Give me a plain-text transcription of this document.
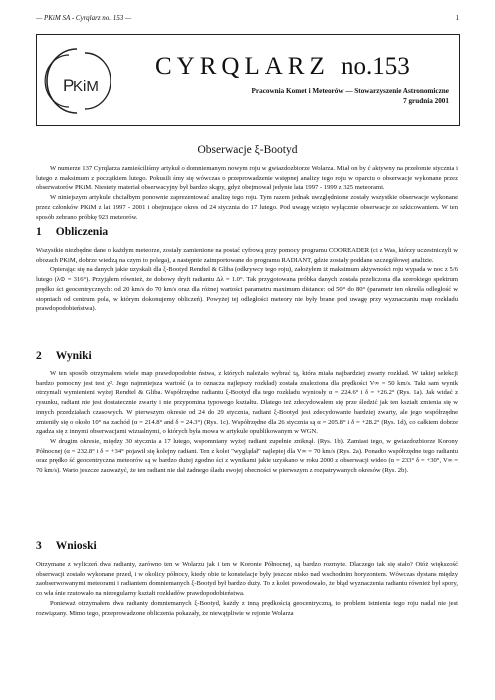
— PKiM SA - Cyrqlarz no. 153 —	1
P
KiM
CYRQLARZ no.153
Pracownia Komet i Meteorów — Stowarzyszenie Astronomiczne
7 grudnia 2001
Obserwacje ξ-Bootyd

W numerze 137 Cyrqlarza zamieściliśmy artykuł o domniemanym nowym roju w gwiazdozbiorze Wolarza. Miał on by ć aktywny na przełomie stycznia i lutego z maksimum z początkiem lutego. Pokusili śmy się wówczas o przeprowadzenie wstępnej analizy tego roju w oparciu o obserwacje wykonane przez obserwatorów PKiM. Niestety materiał obserwacyjny był bardzo skąpy, gdyż obejmował jedynie lata 1997 - 1999 z 325 meteorami.

W niniejszym artykule chciałbym ponownie zaprezentować analizę tego roju. Tym razem jednak uwzględnione zostały wszystkie obserwacje wykonane przez członków PKiM z lat 1997 - 2001 i obejmujące okres od 24 stycznia do 17 lutego. Pod uwagę wzięto wyłącznie obserwacje ze szkicowaniem. W ten sposób zebrano próbkę 923 meteorów.

1 Obliczenia

Wszystkie niezbędne dane o każdym meteorze, zostały zamienione na postać cyfrową przy pomocy programu COOREADER (ci z Was, którzy uczestniczyli w obozach PKiM, dobrze wiedzą na czym to polega), a następnie zaimportowane do programu RADIANT, gdzie zostały poddane szczegółowej analizie.

Opierając się na danych jakie uzyskali dla ξ-Bootyd Rendtel & Gliba (odkrywcy tego roju), założyłem iż maksimum aktywności roju wypada w noc z 5/6 lutego (λ⊙ = 316°). Przyjąłem również, że dobowy dryft radiantu Δλ = 1.0°. Tak przygotowana próbka danych została przeliczona dla szerokiego spektrum prędko ści geocentrycznych: od 20 km/s do 70 km/s oraz dla różnej wartości parametru maximum distance: od 50° do 80° (parametr ten określa odległość w stopniach od centrum pola, w którym dokonujemy obliczeń). Powyżej tej odległości meteory nie były brane pod uwagę przy wyznaczaniu map rozkładu prawdopodobieństwa).

2 Wyniki

W ten sposób otrzymałem wiele map prawdopodobie ństwa, z których należało wybrać tą, która miała najbardziej zwarty rozkład. W takiej selekcji bardzo pomocny jest test χ². Jego najmniejsza wartość (a to oznacza najlepszy rozkład) została znaleziona dla prędkości V∞ = 50 km/s. Taki sam wynik otrzymali wymienieni wyżej Rendtel & Gliba. Współrzędne radiantu ξ-Bootyd dla tego rozkładu wyniosły α = 224.6° i δ = +26.2° (Rys. 1a). Jak widać z rysunku, radiant nie jest dostatecznie zwarty i nie przypomina typowego kształtu. Dlatego też zdecydowałem się prze śledzić jak ten kształt zmienia się w innych przedziałach czasowych. W pierwszym okresie od 24 do 29 stycznia, radiant ξ-Bootyd jest zdecydowanie bardziej zwarty, ale jego współrzędne zmieniły się o około 10° na zachód (α = 214.8° and δ = 24.3°) (Rys. 1c). Współrzędne dla 26 stycznia są α = 205.8° i δ = +28.2° (Rys. 1d), co całkiem dobrze zgadza się z innymi obserwacjami wizualnymi, o których była mowa w artykule opublikowanym w WGN.

W drugim okresie, między 30 stycznia a 17 lutego, wspomniany wyżej radiant zupełnie zniknął. (Rys. 1b). Zamiast tego, w gwiazdozbiorze Korony Północnej (α = 232.8° i δ = +34° pojawił się kolejny radiant. Ten z kolei "wyglądał" najlepiej dla V∞ = 70 km/s (Rys. 2a). Ponadto współrzędne tego radiantu oraz prędko ść geocentryczna meteorów są w bardzo dużej zgodno ści z wynikami jakie uzyskano w roku 2000 z obserwacji wideo (α = 233° δ = +30°, V∞ = 70 km/s). Warto jeszcze zauważyć, że ten radiant nie dał żadnego śladu swojej obecności w pierwszym z rozpatrywanych okresów (Rys. 2b).

3 Wnioski

Otrzymane z wyliczeń dwa radianty, zarówno ten w Wolarzu jak i ten w Koronie Północnej, są bardzo rozmyte. Dlaczego tak się stało? Otóż większość obserwacji zostało wykonane przed, i w okolicy północy, kiedy obie te konstelacje były jeszcze nisko nad wschodnim horyzontem. Wówczas dystans między zaobserwowanymi meteorami i radiantem domniemanych ξ-Bootyd był bardzo duży. To z kolei powodowało, że błąd wyznaczenia radiantu również był spory, co wła śnie rzutowało na nieregularny kształt rozkładów prawdopodobieństwa.

Ponieważ otrzymałem dwa radianty domniemanych ξ-Bootyd, każdy z inną prędkością geocentryczną, to problem istnienia tego roju nadal nie jest rozwiązany. Mimo tego, przeprowadzone obliczenia pokazały, że niewątpliwie w rejonie Wolarza
